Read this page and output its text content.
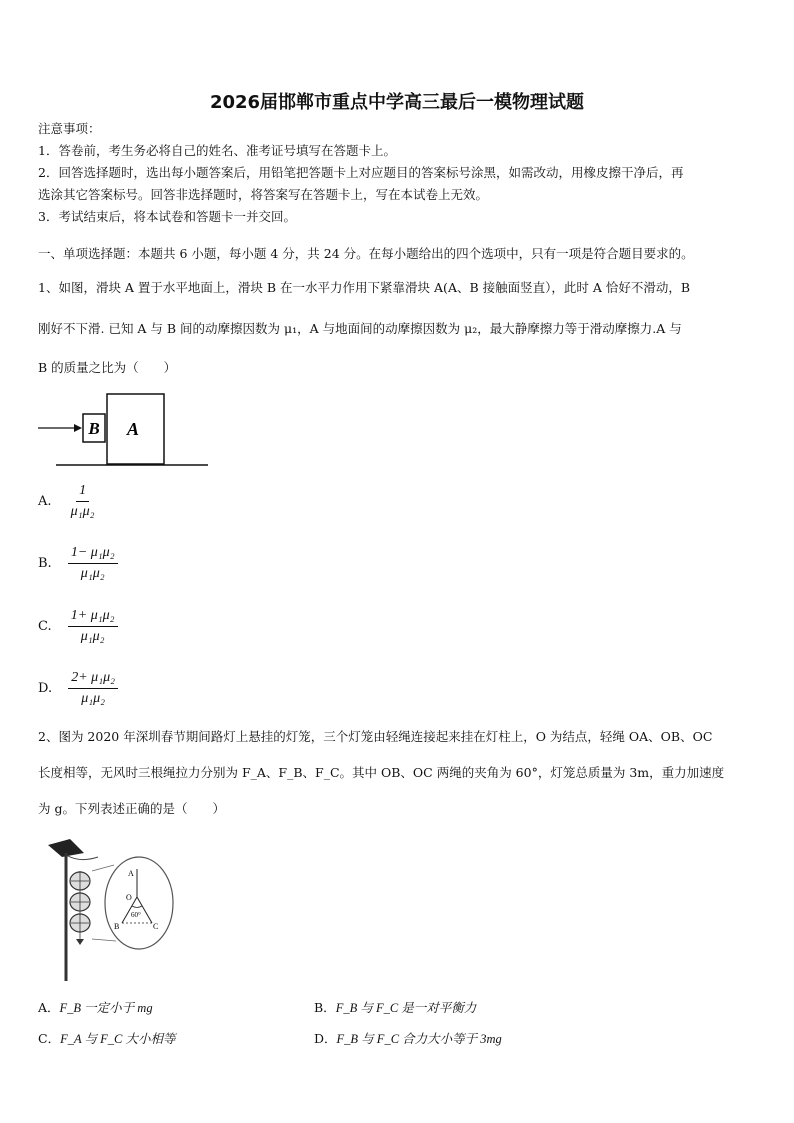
2026届邯郸市重点中学高三最后一模物理试题
注意事项：
1．答卷前，考生务必将自己的姓名、准考证号填写在答题卡上。
2．回答选择题时，选出每小题答案后，用铅笔把答题卡上对应题目的答案标号涂黑，如需改动，用橡皮擦干净后，再
选涂其它答案标号。回答非选择题时，将答案写在答题卡上，写在本试卷上无效。
3．考试结束后，将本试卷和答题卡一并交回。
一、单项选择题：本题共 6 小题，每小题 4 分，共 24 分。在每小题给出的四个选项中，只有一项是符合题目要求的。
1、如图，滑块 A 置于水平地面上，滑块 B 在一水平力作用下紧靠滑块 A(A、B 接触面竖直），此时 A 恰好不滑动，B
刚好不下滑. 已知 A 与 B 间的动摩擦因数为 μ₁，A 与地面间的动摩擦因数为 μ₂，最大静摩擦力等于滑动摩擦力.A 与
B 的质量之比为（　　）
B A
A. $\frac{1}{\text{μ₁μ₂}}$
B. $\frac{\text{1− μ₁μ₂}}{\text{μ₁μ₂}}$
C. $\frac{\text{1+ μ₁μ₂}}{\text{μ₁μ₂}}$
D. $\frac{\text{2+ μ₁μ₂}}{\text{μ₁μ₂}}$
2、图为 2020 年深圳春节期间路灯上悬挂的灯笼，三个灯笼由轻绳连接起来挂在灯柱上，O 为结点，轻绳 OA、OB、OC
长度相等，无风时三根绳拉力分别为 F_A、F_B、F_C。其中 OB、OC 两绳的夹角为 60°，灯笼总质量为 3m，重力加速度
为 g。下列表述正确的是（　　）
A
O
60°
B	C
A．F_B 一定小于 mg	B．F_B 与 F_C 是一对平衡力
C．F_A 与 F_C 大小相等	D．F_B 与 F_C 合力大小等于 3mg
